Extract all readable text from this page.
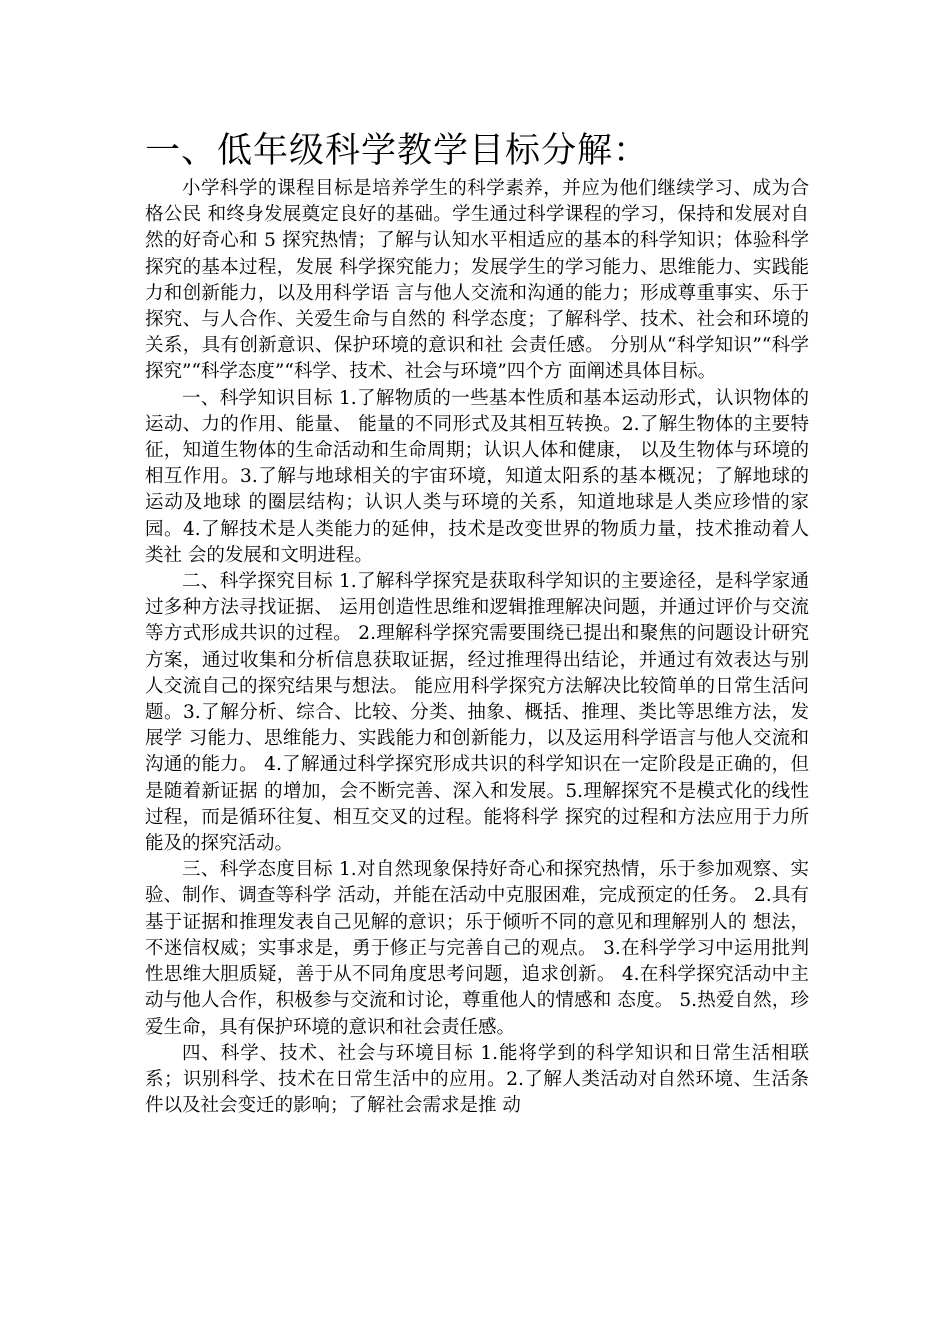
一、低年级科学教学目标分解：

小学科学的课程目标是培养学生的科学素养，并应为他们继续学习、成为合格公民 和终身发展奠定良好的基础。学生通过科学课程的学习，保持和发展对自然的好奇心和 5 探究热情；了解与认知水平相适应的基本的科学知识；体验科学探究的基本过程，发展 科学探究能力；发展学生的学习能力、思维能力、实践能力和创新能力，以及用科学语 言与他人交流和沟通的能力；形成尊重事实、乐于探究、与人合作、关爱生命与自然的 科学态度；了解科学、技术、社会和环境的关系，具有创新意识、保护环境的意识和社 会责任感。 分别从“科学知识”“科学探究”“科学态度”“科学、技术、社会与环境”四个方 面阐述具体目标。

一、科学知识目标 1.了解物质的一些基本性质和基本运动形式，认识物体的运动、力的作用、能量、 能量的不同形式及其相互转换。2.了解生物体的主要特征，知道生物体的生命活动和生命周期；认识人体和健康， 以及生物体与环境的相互作用。3.了解与地球相关的宇宙环境，知道太阳系的基本概况；了解地球的运动及地球 的圈层结构；认识人类与环境的关系，知道地球是人类应珍惜的家园。4.了解技术是人类能力的延伸，技术是改变世界的物质力量，技术推动着人类社 会的发展和文明进程。

二、科学探究目标 1.了解科学探究是获取科学知识的主要途径，是科学家通过多种方法寻找证据、 运用创造性思维和逻辑推理解决问题，并通过评价与交流等方式形成共识的过程。 2.理解科学探究需要围绕已提出和聚焦的问题设计研究方案，通过收集和分析信息获取证据，经过推理得出结论，并通过有效表达与别人交流自己的探究结果与想法。 能应用科学探究方法解决比较简单的日常生活问题。3.了解分析、综合、比较、分类、抽象、概括、推理、类比等思维方法，发展学 习能力、思维能力、实践能力和创新能力，以及运用科学语言与他人交流和沟通的能力。 4.了解通过科学探究形成共识的科学知识在一定阶段是正确的，但是随着新证据 的增加，会不断完善、深入和发展。5.理解探究不是模式化的线性过程，而是循环往复、相互交叉的过程。能将科学 探究的过程和方法应用于力所能及的探究活动。

三、科学态度目标 1.对自然现象保持好奇心和探究热情，乐于参加观察、实验、制作、调查等科学 活动，并能在活动中克服困难，完成预定的任务。 2.具有基于证据和推理发表自己见解的意识；乐于倾听不同的意见和理解别人的 想法，不迷信权威；实事求是，勇于修正与完善自己的观点。 3.在科学学习中运用批判性思维大胆质疑，善于从不同角度思考问题，追求创新。 4.在科学探究活动中主动与他人合作，积极参与交流和讨论，尊重他人的情感和 态度。 5.热爱自然，珍爱生命，具有保护环境的意识和社会责任感。

四、科学、技术、社会与环境目标 1.能将学到的科学知识和日常生活相联系；识别科学、技术在日常生活中的应用。2.了解人类活动对自然环境、生活条件以及社会变迁的影响；了解社会需求是推 动
